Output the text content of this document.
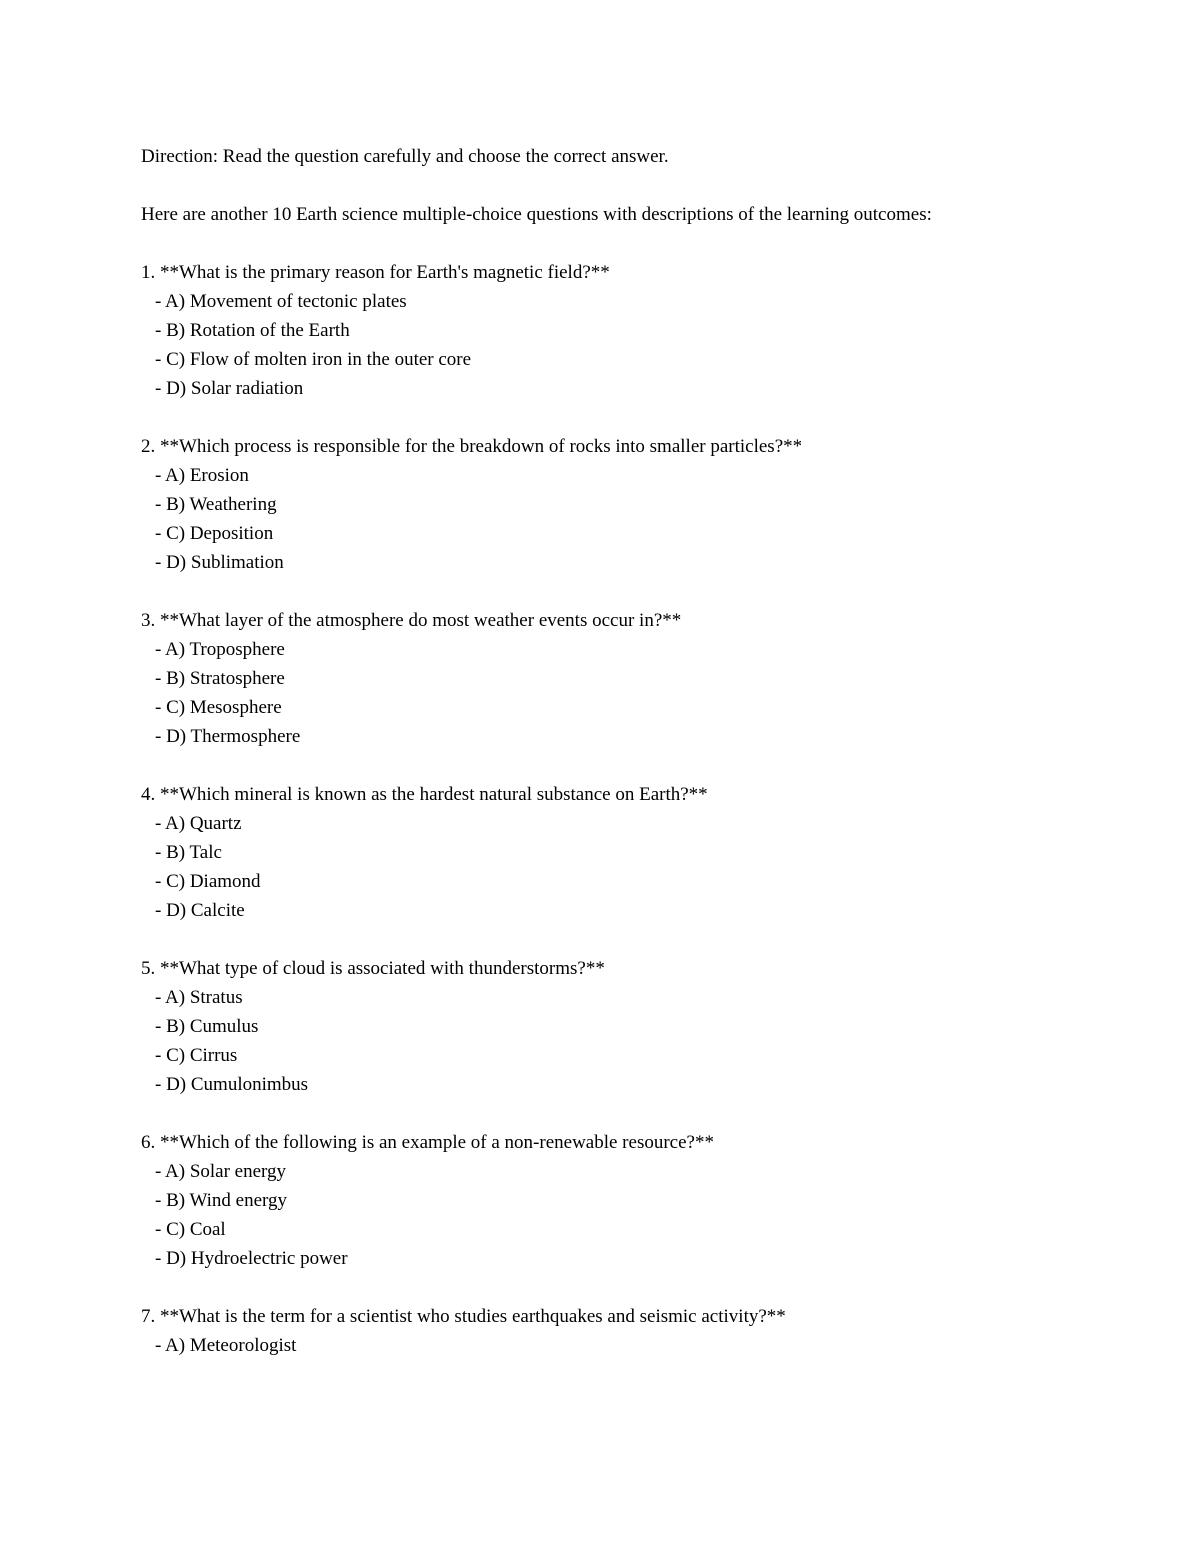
Direction: Read the question carefully and choose the correct answer.

Here are another 10 Earth science multiple-choice questions with descriptions of the learning outcomes:

1. **What is the primary reason for Earth's magnetic field?**

- A) Movement of tectonic plates
- B) Rotation of the Earth
- C) Flow of molten iron in the outer core
- D) Solar radiation

2. **Which process is responsible for the breakdown of rocks into smaller particles?**

- A) Erosion
- B) Weathering
- C) Deposition
- D) Sublimation

3. **What layer of the atmosphere do most weather events occur in?**

- A) Troposphere
- B) Stratosphere
- C) Mesosphere
- D) Thermosphere

4. **Which mineral is known as the hardest natural substance on Earth?**

- A) Quartz
- B) Talc
- C) Diamond
- D) Calcite

5. **What type of cloud is associated with thunderstorms?**

- A) Stratus
- B) Cumulus
- C) Cirrus
- D) Cumulonimbus

6. **Which of the following is an example of a non-renewable resource?**

- A) Solar energy
- B) Wind energy
- C) Coal
- D) Hydroelectric power

7. **What is the term for a scientist who studies earthquakes and seismic activity?**

- A) Meteorologist
